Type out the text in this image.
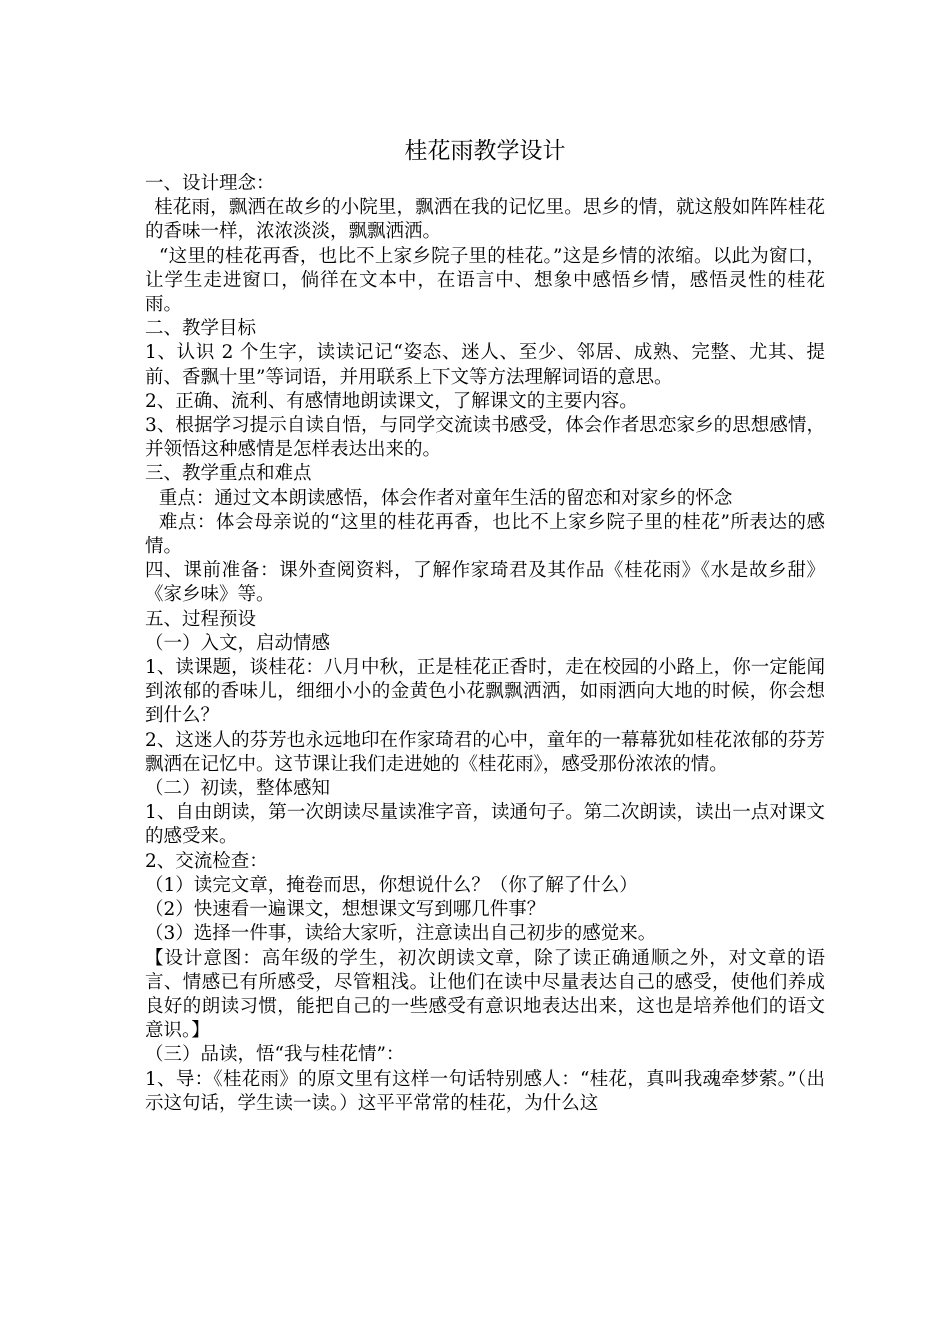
桂花雨教学设计

一、设计理念：

桂花雨，飘洒在故乡的小院里，飘洒在我的记忆里。思乡的情，就这般如阵阵桂花的香味一样，浓浓淡淡，飘飘洒洒。

“这里的桂花再香，也比不上家乡院子里的桂花。”这是乡情的浓缩。以此为窗口，让学生走进窗口，倘徉在文本中，在语言中、想象中感悟乡情，感悟灵性的桂花雨。

二、教学目标

1、认识 2 个生字，读读记记“姿态、迷人、至少、邻居、成熟、完整、尤其、提前、香飘十里”等词语，并用联系上下文等方法理解词语的意思。

2、正确、流利、有感情地朗读课文，了解课文的主要内容。

3、根据学习提示自读自悟，与同学交流读书感受，体会作者思恋家乡的思想感情，并领悟这种感情是怎样表达出来的。

三、教学重点和难点

重点：通过文本朗读感悟，体会作者对童年生活的留恋和对家乡的怀念

难点：体会母亲说的“这里的桂花再香，也比不上家乡院子里的桂花”所表达的感情。

四、课前准备：课外查阅资料，了解作家琦君及其作品《桂花雨》《水是故乡甜》《家乡味》等。

五、过程预设

（一）入文，启动情感

1、读课题，谈桂花：八月中秋，正是桂花正香时，走在校园的小路上，你一定能闻到浓郁的香味儿，细细小小的金黄色小花飘飘洒洒，如雨洒向大地的时候，你会想到什么？

2、这迷人的芬芳也永远地印在作家琦君的心中，童年的一幕幕犹如桂花浓郁的芬芳飘洒在记忆中。这节课让我们走进她的《桂花雨》，感受那份浓浓的情。

（二）初读，整体感知

1、自由朗读，第一次朗读尽量读准字音，读通句子。第二次朗读，读出一点对课文的感受来。

2、交流检查：

（1）读完文章，掩卷而思，你想说什么？（你了解了什么）

（2）快速看一遍课文，想想课文写到哪几件事？

（3）选择一件事，读给大家听，注意读出自己初步的感觉来。

【设计意图：高年级的学生，初次朗读文章，除了读正确通顺之外，对文章的语言、情感已有所感受，尽管粗浅。让他们在读中尽量表达自己的感受，使他们养成良好的朗读习惯，能把自己的一些感受有意识地表达出来，这也是培养他们的语文意识。】

（三）品读，悟“我与桂花情”：

1、导：《桂花雨》的原文里有这样一句话特别感人：“桂花，真叫我魂牵梦萦。”（出示这句话，学生读一读。）这平平常常的桂花，为什么这
